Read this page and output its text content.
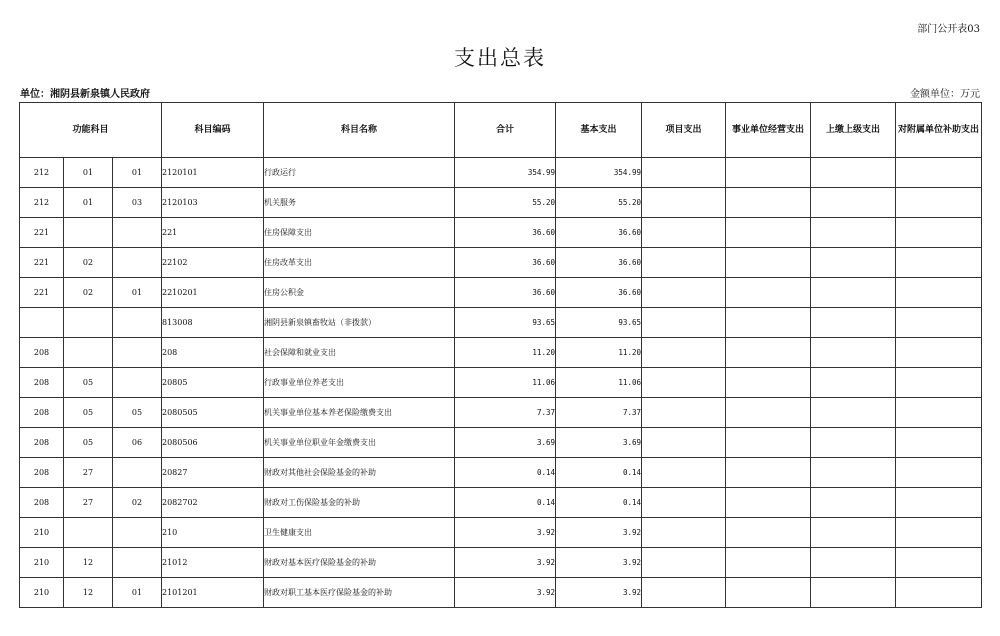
部门公开表03
支出总表
单位：湘阴县新泉镇人民政府	金额单位：万元
功能科目			科目编码	科目名称	合计	基本支出	项目支出	事业单位经营支出	上缴上级支出	对附属单位补助支出
212	01	01	2120101	行政运行	354.99	354.99				
212	01	03	2120103	机关服务	55.20	55.20				
221			221	住房保障支出	36.60	36.60				
221	02		22102	住房改革支出	36.60	36.60				
221	02	01	2210201	住房公积金	36.60	36.60				
			813008	湘阴县新泉镇畜牧站（非拨款）	93.65	93.65				
208			208	社会保障和就业支出	11.20	11.20				
208	05		20805	行政事业单位养老支出	11.06	11.06				
208	05	05	2080505	机关事业单位基本养老保险缴费支出	7.37	7.37				
208	05	06	2080506	机关事业单位职业年金缴费支出	3.69	3.69				
208	27		20827	财政对其他社会保险基金的补助	0.14	0.14				
208	27	02	2082702	财政对工伤保险基金的补助	0.14	0.14				
210			210	卫生健康支出	3.92	3.92				
210	12		21012	财政对基本医疗保险基金的补助	3.92	3.92				
210	12	01	2101201	财政对职工基本医疗保险基金的补助	3.92	3.92				
